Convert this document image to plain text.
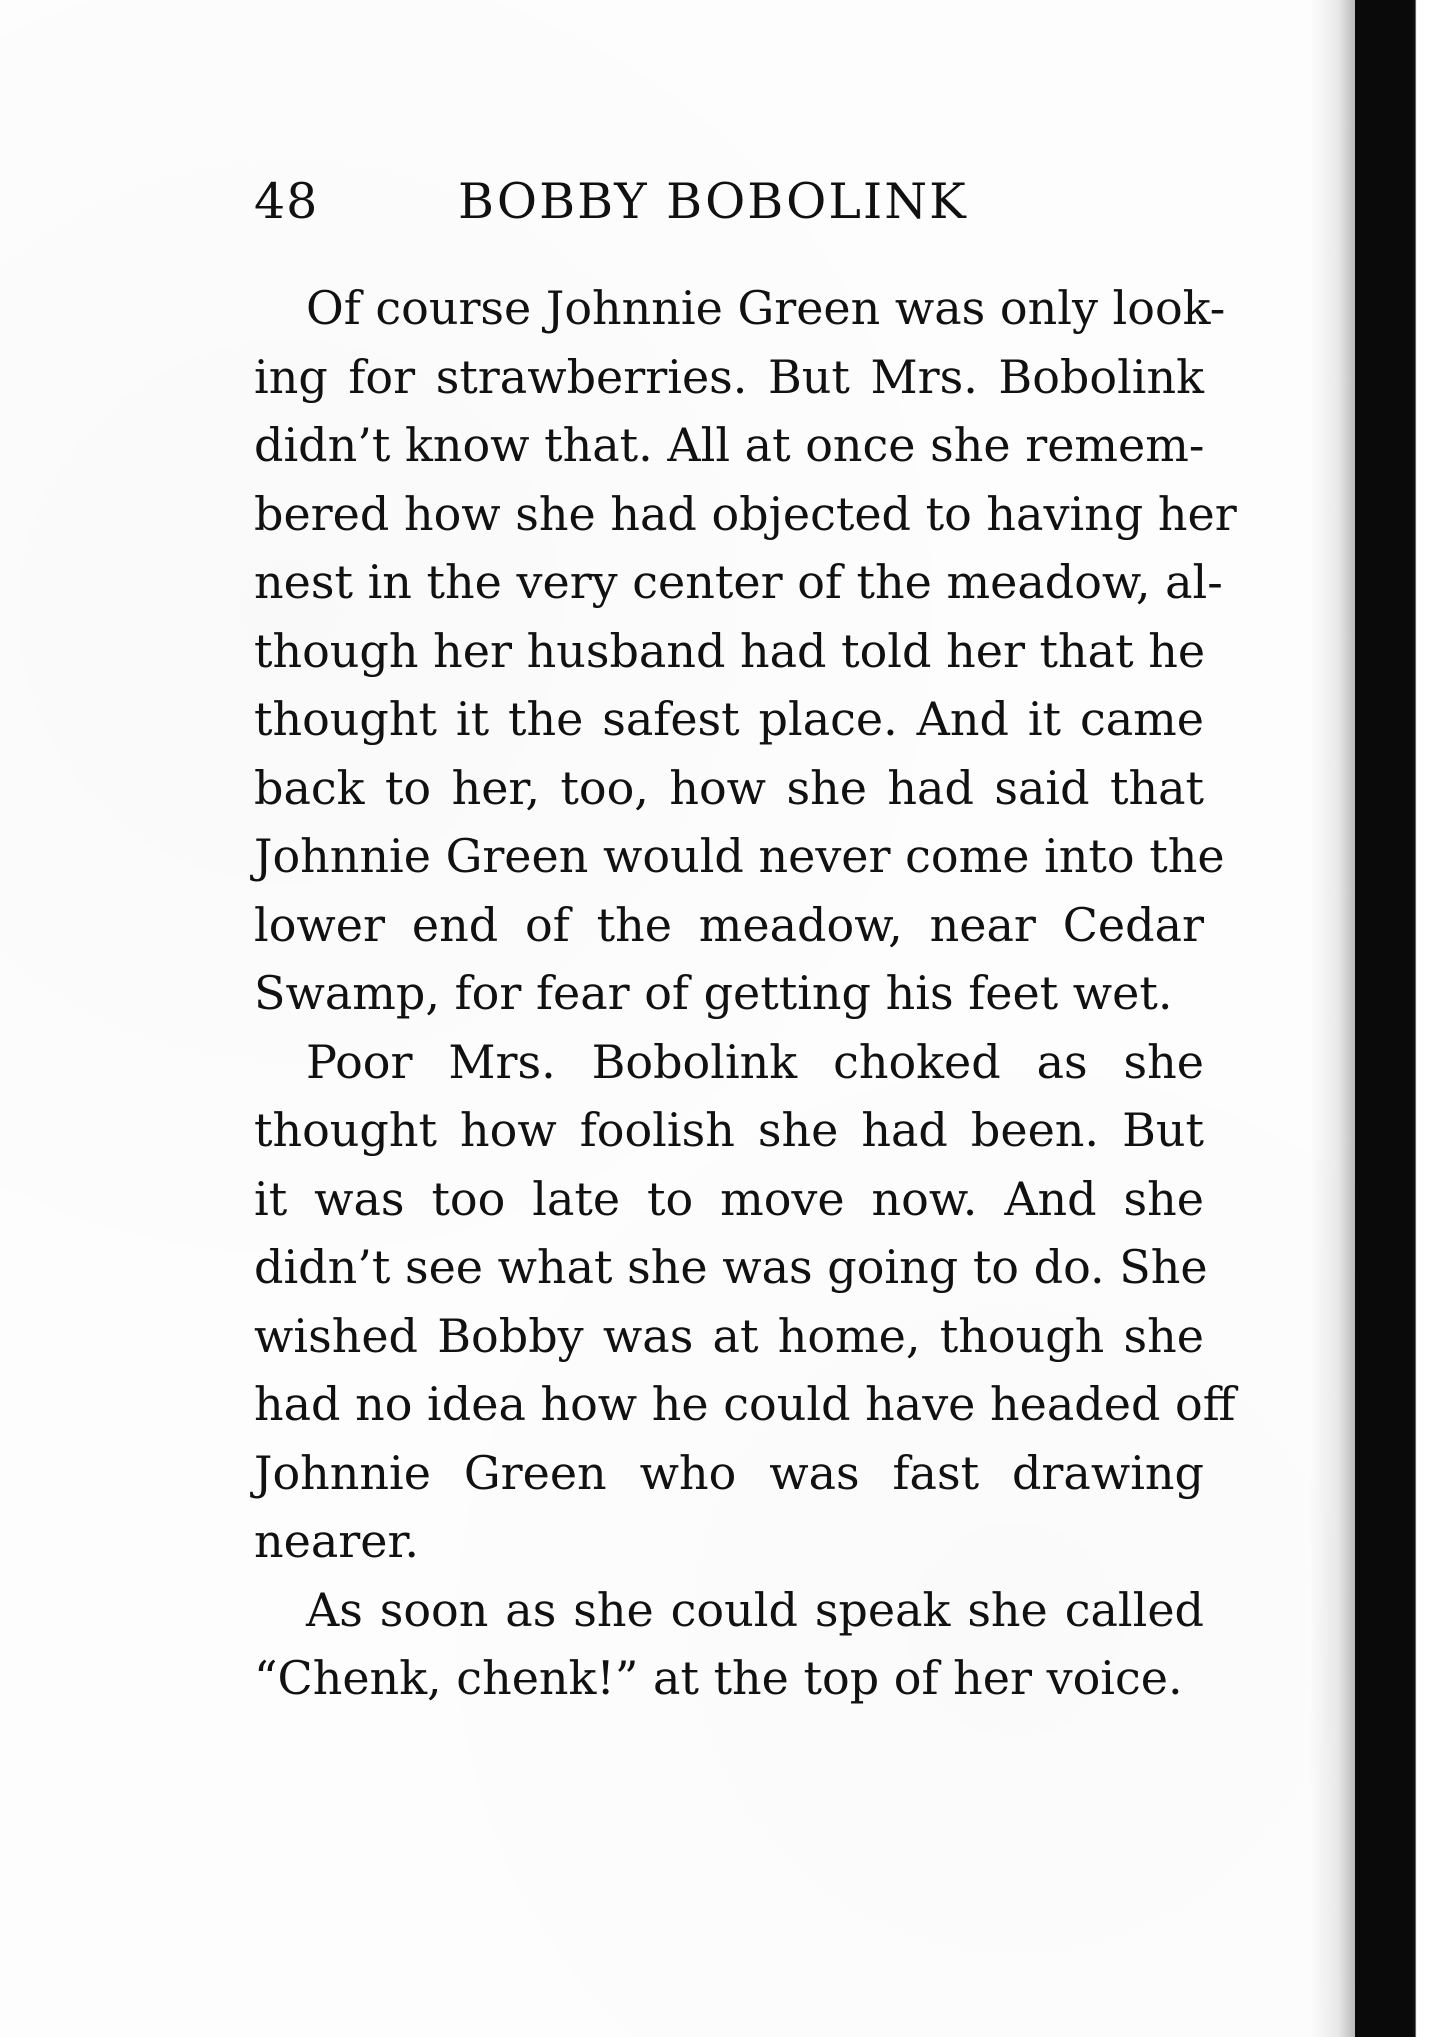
48	BOBBY BOBOLINK
Of course Johnnie Green was only look-
ing for strawberries. But Mrs. Bobolink
didn’t know that. All at once she remem-
bered how she had objected to having her
nest in the very center of the meadow, al-
though her husband had told her that he
thought it the safest place. And it came
back to her, too, how she had said that
Johnnie Green would never come into the
lower end of the meadow, near Cedar
Swamp, for fear of getting his feet wet.
Poor Mrs. Bobolink choked as she
thought how foolish she had been. But
it was too late to move now. And she
didn’t see what she was going to do. She
wished Bobby was at home, though she
had no idea how he could have headed off
Johnnie Green who was fast drawing
nearer.
As soon as she could speak she called
“Chenk, chenk!” at the top of her voice.
